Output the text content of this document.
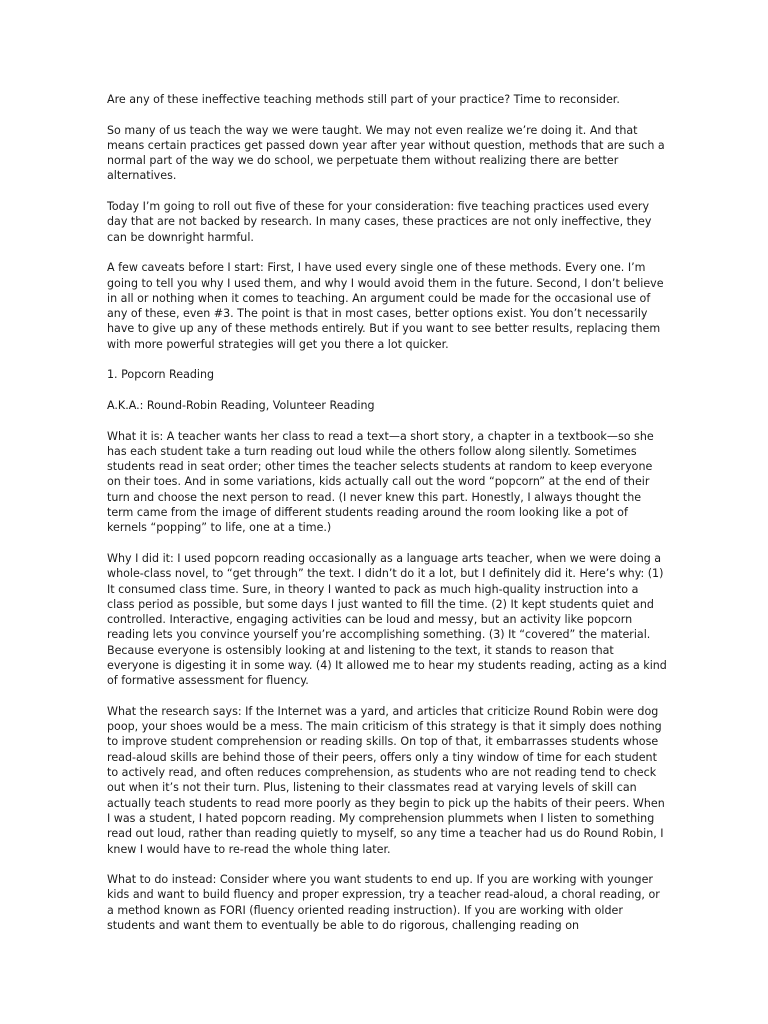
Are any of these ineffective teaching methods still part of your practice? Time to reconsider.

So many of us teach the way we were taught. We may not even realize we’re doing it. And that means certain practices get passed down year after year without question, methods that are such a normal part of the way we do school, we perpetuate them without realizing there are better alternatives.

Today I’m going to roll out five of these for your consideration: five teaching practices used every day that are not backed by research. In many cases, these practices are not only ineffective, they can be downright harmful.

A few caveats before I start: First, I have used every single one of these methods. Every one. I’m going to tell you why I used them, and why I would avoid them in the future. Second, I don’t believe in all or nothing when it comes to teaching. An argument could be made for the occasional use of any of these, even #3. The point is that in most cases, better options exist. You don’t necessarily have to give up any of these methods entirely. But if you want to see better results, replacing them with more powerful strategies will get you there a lot quicker.

1. Popcorn Reading

A.K.A.: Round-Robin Reading, Volunteer Reading

What it is: A teacher wants her class to read a text—a short story, a chapter in a textbook—so she has each student take a turn reading out loud while the others follow along silently. Sometimes students read in seat order; other times the teacher selects students at random to keep everyone on their toes. And in some variations, kids actually call out the word “popcorn” at the end of their turn and choose the next person to read. (I never knew this part. Honestly, I always thought the term came from the image of different students reading around the room looking like a pot of kernels “popping” to life, one at a time.)

Why I did it: I used popcorn reading occasionally as a language arts teacher, when we were doing a whole-class novel, to “get through” the text. I didn’t do it a lot, but I definitely did it. Here’s why: (1) It consumed class time. Sure, in theory I wanted to pack as much high-quality instruction into a class period as possible, but some days I just wanted to fill the time. (2) It kept students quiet and controlled. Interactive, engaging activities can be loud and messy, but an activity like popcorn reading lets you convince yourself you’re accomplishing something. (3) It “covered” the material. Because everyone is ostensibly looking at and listening to the text, it stands to reason that everyone is digesting it in some way. (4) It allowed me to hear my students reading, acting as a kind of formative assessment for fluency.

What the research says: If the Internet was a yard, and articles that criticize Round Robin were dog poop, your shoes would be a mess. The main criticism of this strategy is that it simply does nothing to improve student comprehension or reading skills. On top of that, it embarrasses students whose read-aloud skills are behind those of their peers, offers only a tiny window of time for each student to actively read, and often reduces comprehension, as students who are not reading tend to check out when it’s not their turn. Plus, listening to their classmates read at varying levels of skill can actually teach students to read more poorly as they begin to pick up the habits of their peers. When I was a student, I hated popcorn reading. My comprehension plummets when I listen to something read out loud, rather than reading quietly to myself, so any time a teacher had us do Round Robin, I knew I would have to re-read the whole thing later.

What to do instead: Consider where you want students to end up. If you are working with younger kids and want to build fluency and proper expression, try a teacher read-aloud, a choral reading, or a method known as FORI (fluency oriented reading instruction). If you are working with older students and want them to eventually be able to do rigorous, challenging reading on
